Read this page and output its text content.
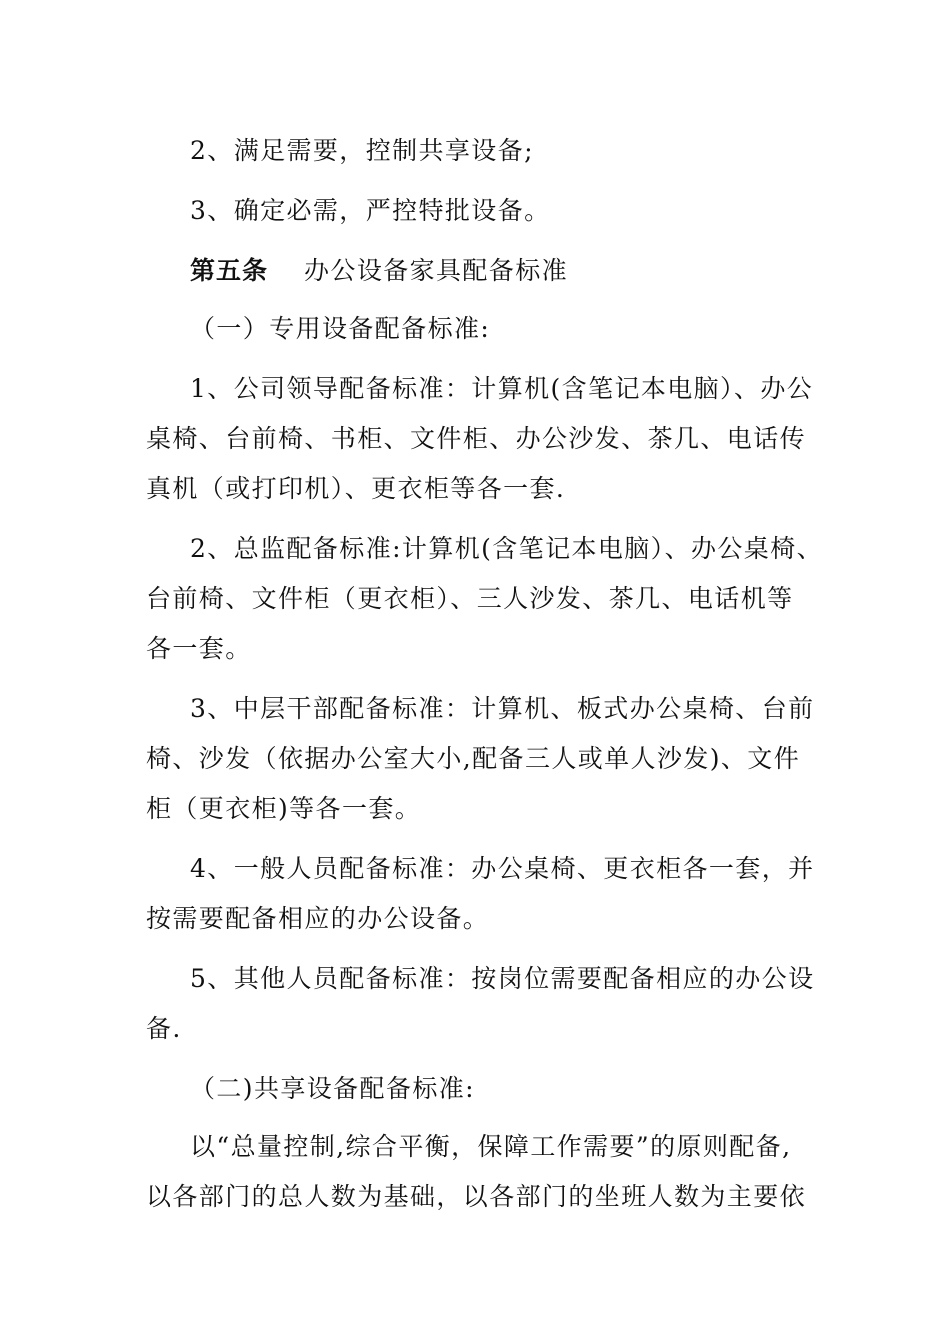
2、满足需要，控制共享设备;
3、确定必需，严控特批设备。
第五条 办公设备家具配备标准
（一）专用设备配备标准:
1、公司领导配备标准：计算机(含笔记本电脑）、办公
桌椅、台前椅、书柜、文件柜、办公沙发、茶几、电话传
真机（或打印机）、更衣柜等各一套.
2、总监配备标准:计算机(含笔记本电脑）、办公桌椅、
台前椅、文件柜（更衣柜）、三人沙发、茶几、电话机等
各一套。
3、中层干部配备标准：计算机、板式办公桌椅、台前
椅、沙发（依据办公室大小,配备三人或单人沙发)、文件
柜（更衣柜)等各一套。
4、一般人员配备标准：办公桌椅、更衣柜各一套，并
按需要配备相应的办公设备。
5、其他人员配备标准：按岗位需要配备相应的办公设
备.
（二)共享设备配备标准:
以“总量控制,综合平衡，保障工作需要”的原则配备,
以各部门的总人数为基础，以各部门的坐班人数为主要依
